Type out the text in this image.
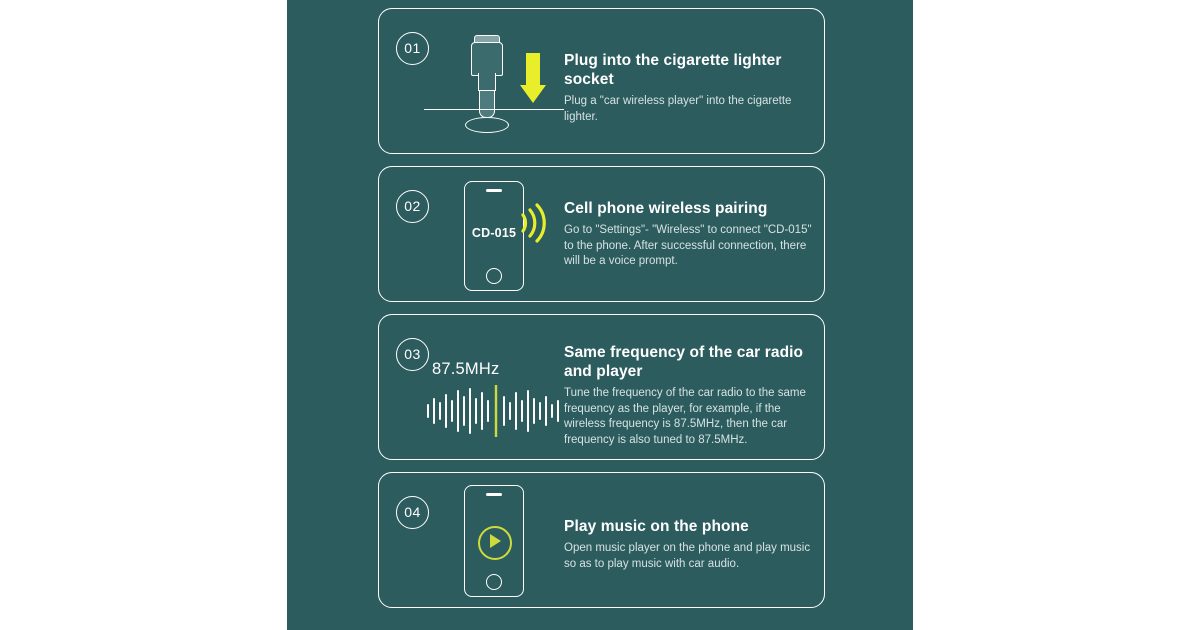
01

Plug into the cigarette lighter socket

Plug a "car wireless player" into the cigarette lighter.

02
CD-015

Cell phone wireless pairing

Go to "Settings"- "Wireless" to connect "CD-015" to the phone. After successful connection, there will be a voice prompt.

03
87.5MHz

Same frequency of the car radio and player

Tune the frequency of the car radio to the same frequency as the player, for example, if the wireless frequency is 87.5MHz, then the car frequency is also tuned to 87.5MHz.

04

Play music on the phone

Open music player on the phone and play music so as to play music with car audio.
